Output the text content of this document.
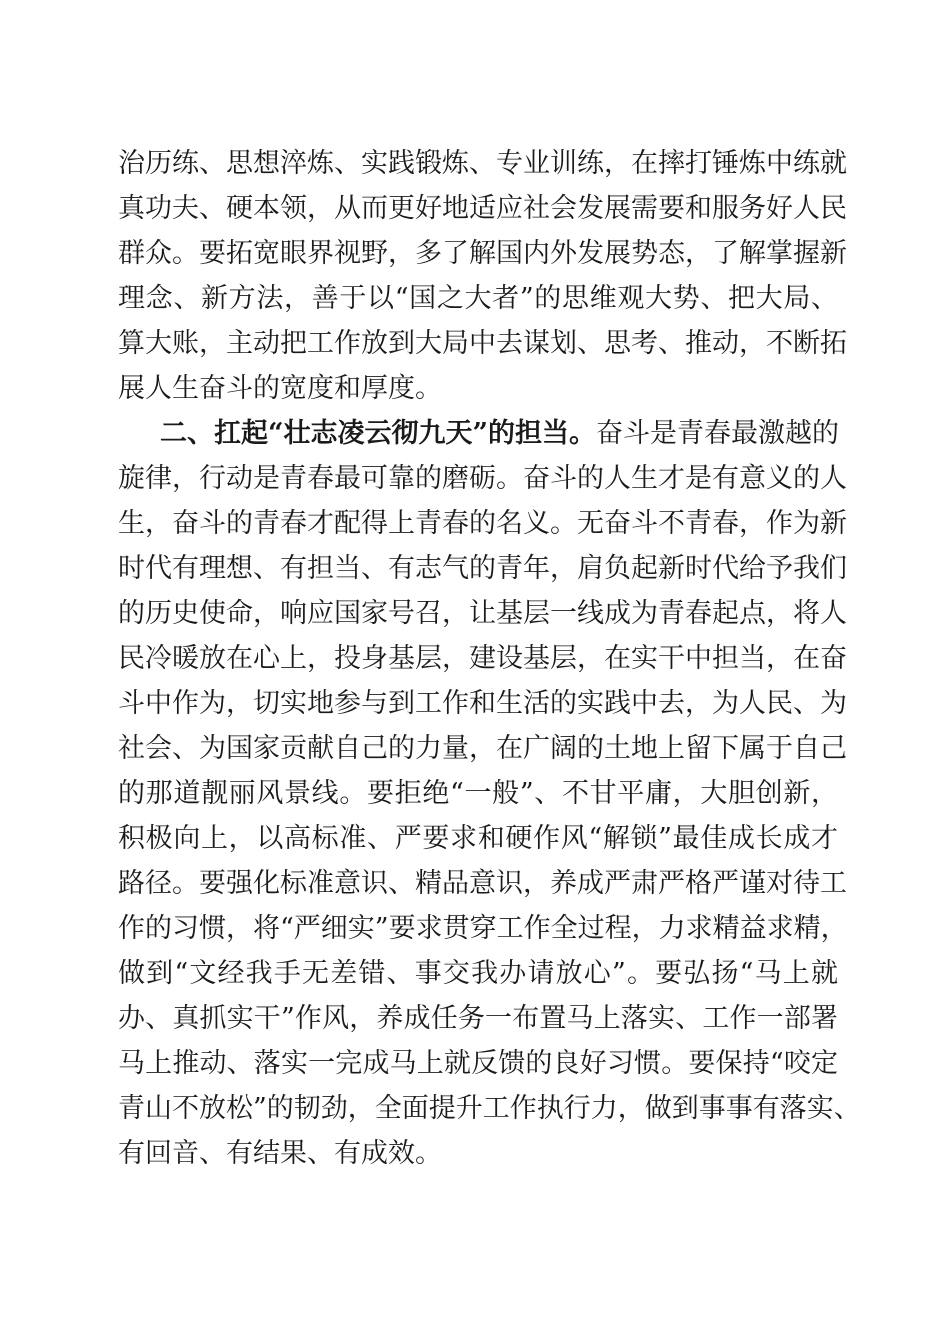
治历练、思想淬炼、实践锻炼、专业训练，在摔打锤炼中练就
真功夫、硬本领，从而更好地适应社会发展需要和服务好人民
群众。要拓宽眼界视野，多了解国内外发展势态，了解掌握新
理念、新方法，善于以“国之大者”的思维观大势、把大局、
算大账，主动把工作放到大局中去谋划、思考、推动，不断拓
展人生奋斗的宽度和厚度。
二、扛起“壮志凌云彻九天”的担当。奋斗是青春最激越的
旋律，行动是青春最可靠的磨砺。奋斗的人生才是有意义的人
生，奋斗的青春才配得上青春的名义。无奋斗不青春，作为新
时代有理想、有担当、有志气的青年，肩负起新时代给予我们
的历史使命，响应国家号召，让基层一线成为青春起点，将人
民冷暖放在心上，投身基层，建设基层，在实干中担当，在奋
斗中作为，切实地参与到工作和生活的实践中去，为人民、为
社会、为国家贡献自己的力量，在广阔的土地上留下属于自己
的那道靓丽风景线。要拒绝“一般”、不甘平庸，大胆创新，
积极向上，以高标准、严要求和硬作风“解锁”最佳成长成才
路径。要强化标准意识、精品意识，养成严肃严格严谨对待工
作的习惯，将“严细实”要求贯穿工作全过程，力求精益求精，
做到“文经我手无差错、事交我办请放心”。要弘扬“马上就
办、真抓实干”作风，养成任务一布置马上落实、工作一部署
马上推动、落实一完成马上就反馈的良好习惯。要保持“咬定
青山不放松”的韧劲，全面提升工作执行力，做到事事有落实、
有回音、有结果、有成效。
